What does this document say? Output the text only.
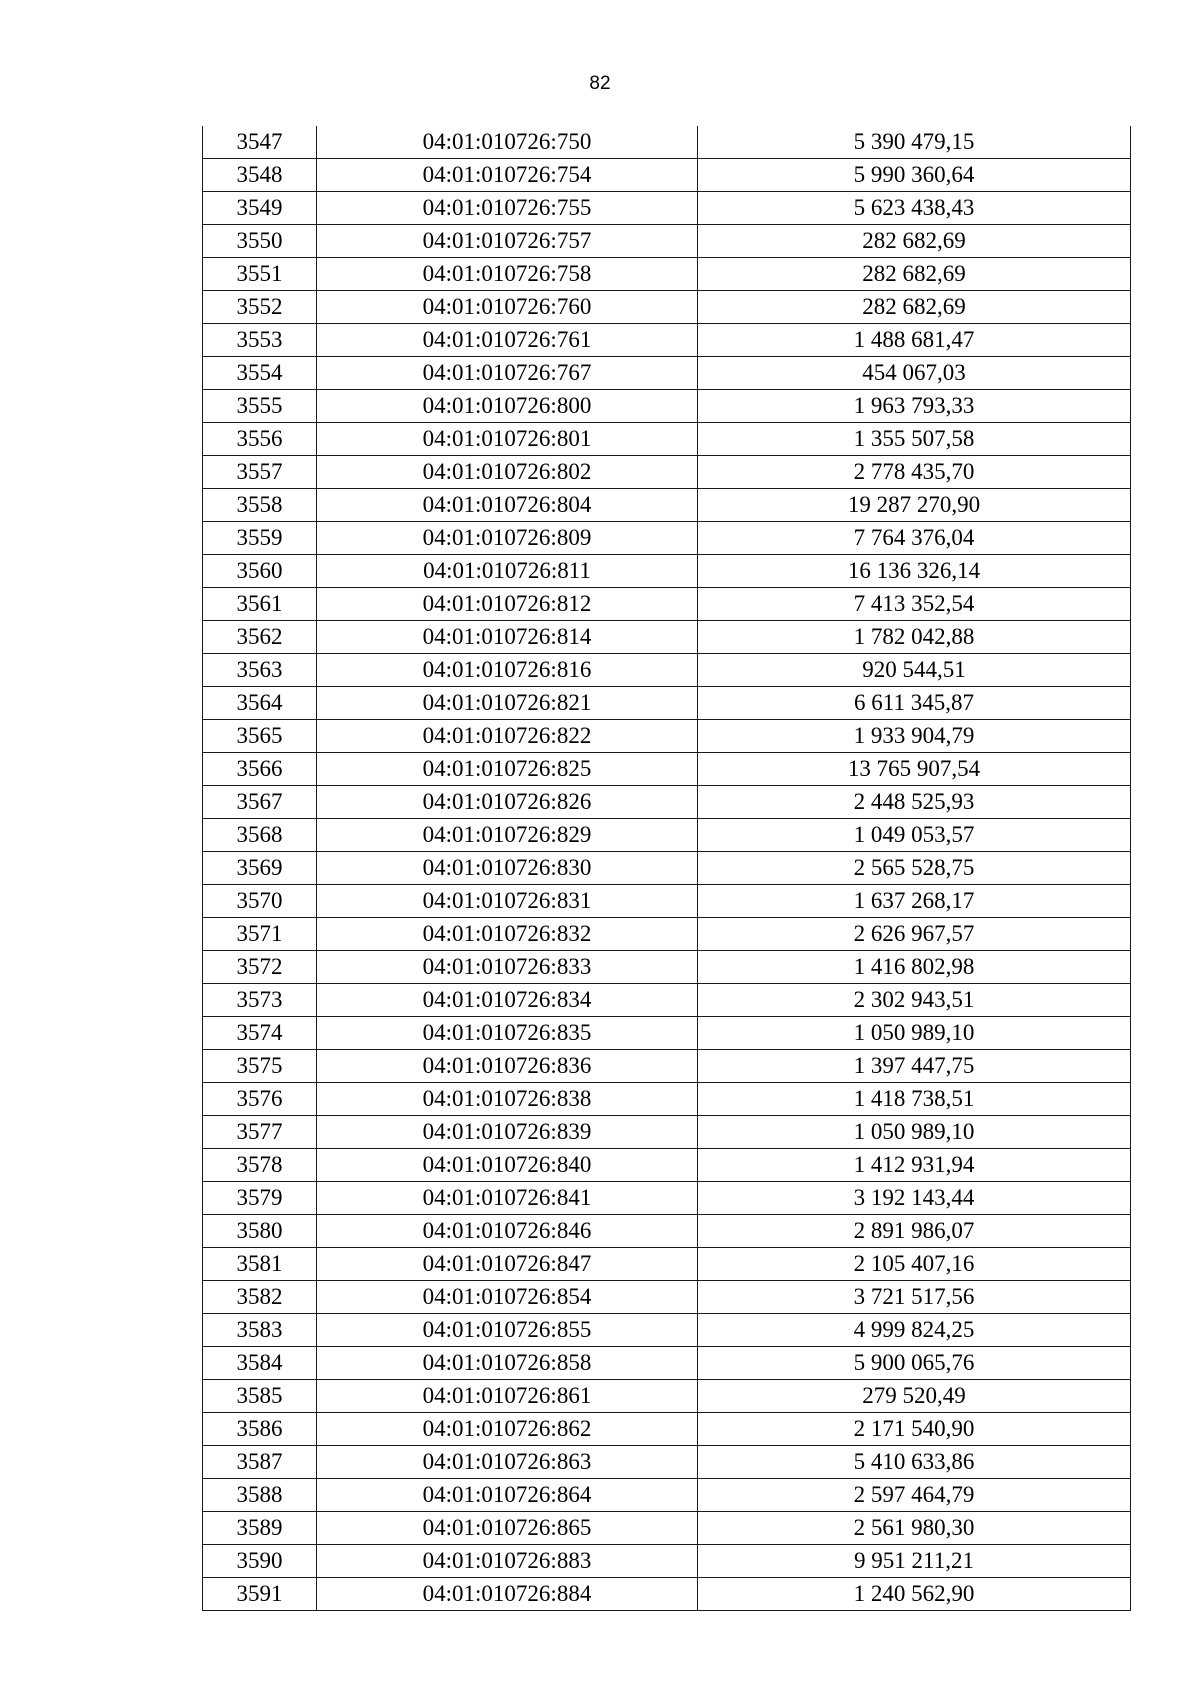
82
3547	04:01:010726:750	5 390 479,15
3548	04:01:010726:754	5 990 360,64
3549	04:01:010726:755	5 623 438,43
3550	04:01:010726:757	282 682,69
3551	04:01:010726:758	282 682,69
3552	04:01:010726:760	282 682,69
3553	04:01:010726:761	1 488 681,47
3554	04:01:010726:767	454 067,03
3555	04:01:010726:800	1 963 793,33
3556	04:01:010726:801	1 355 507,58
3557	04:01:010726:802	2 778 435,70
3558	04:01:010726:804	19 287 270,90
3559	04:01:010726:809	7 764 376,04
3560	04:01:010726:811	16 136 326,14
3561	04:01:010726:812	7 413 352,54
3562	04:01:010726:814	1 782 042,88
3563	04:01:010726:816	920 544,51
3564	04:01:010726:821	6 611 345,87
3565	04:01:010726:822	1 933 904,79
3566	04:01:010726:825	13 765 907,54
3567	04:01:010726:826	2 448 525,93
3568	04:01:010726:829	1 049 053,57
3569	04:01:010726:830	2 565 528,75
3570	04:01:010726:831	1 637 268,17
3571	04:01:010726:832	2 626 967,57
3572	04:01:010726:833	1 416 802,98
3573	04:01:010726:834	2 302 943,51
3574	04:01:010726:835	1 050 989,10
3575	04:01:010726:836	1 397 447,75
3576	04:01:010726:838	1 418 738,51
3577	04:01:010726:839	1 050 989,10
3578	04:01:010726:840	1 412 931,94
3579	04:01:010726:841	3 192 143,44
3580	04:01:010726:846	2 891 986,07
3581	04:01:010726:847	2 105 407,16
3582	04:01:010726:854	3 721 517,56
3583	04:01:010726:855	4 999 824,25
3584	04:01:010726:858	5 900 065,76
3585	04:01:010726:861	279 520,49
3586	04:01:010726:862	2 171 540,90
3587	04:01:010726:863	5 410 633,86
3588	04:01:010726:864	2 597 464,79
3589	04:01:010726:865	2 561 980,30
3590	04:01:010726:883	9 951 211,21
3591	04:01:010726:884	1 240 562,90
